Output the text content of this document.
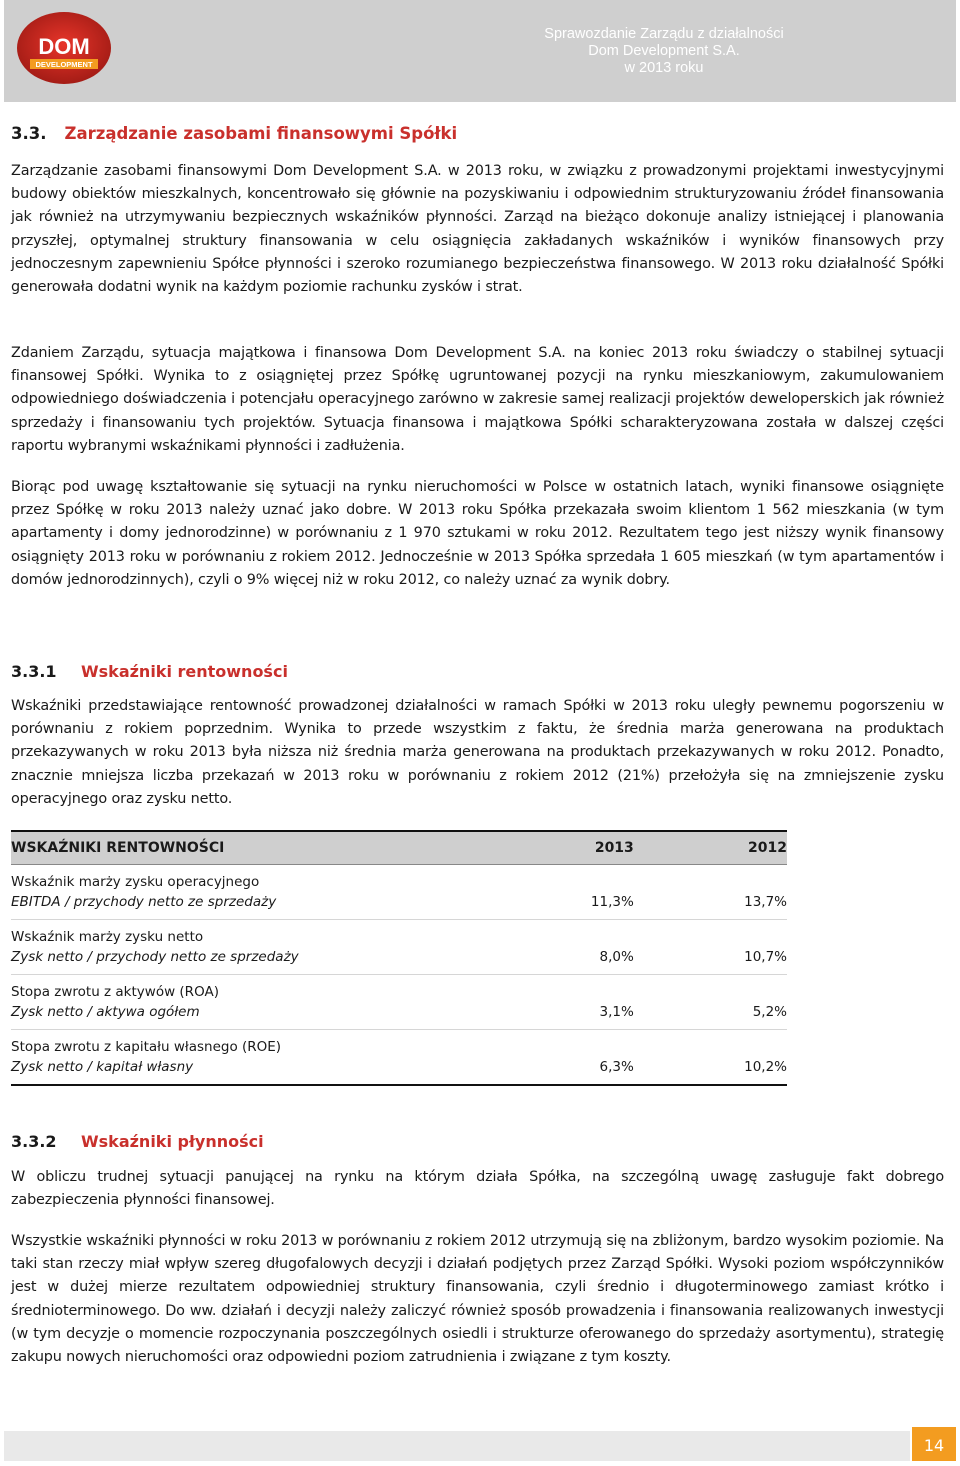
DOM
DEVELOPMENT
Sprawozdanie Zarządu z działalności
Dom Development S.A.
w 2013 roku
3.3. Zarządzanie zasobami finansowymi Spółki
Zarządzanie zasobami finansowymi Dom Development S.A. w 2013 roku, w związku z prowadzonymi projektami inwestycyjnymi budowy obiektów mieszkalnych, koncentrowało się głównie na pozyskiwaniu i odpowiednim strukturyzowaniu źródeł finansowania jak również na utrzymywaniu bezpiecznych wskaźników płynności. Zarząd na bieżąco dokonuje analizy istniejącej i planowania przyszłej, optymalnej struktury finansowania w celu osiągnięcia zakładanych wskaźników i wyników finansowych przy jednoczesnym zapewnieniu Spółce płynności i szeroko rozumianego bezpieczeństwa finansowego. W 2013 roku działalność Spółki generowała dodatni wynik na każdym poziomie rachunku zysków i strat.
Zdaniem Zarządu, sytuacja majątkowa i finansowa Dom Development S.A. na koniec 2013 roku świadczy o stabilnej sytuacji finansowej Spółki. Wynika to z osiągniętej przez Spółkę ugruntowanej pozycji na rynku mieszkaniowym, zakumulowaniem odpowiedniego doświadczenia i potencjału operacyjnego zarówno w zakresie samej realizacji projektów deweloperskich jak również sprzedaży i finansowaniu tych projektów. Sytuacja finansowa i majątkowa Spółki scharakteryzowana została w dalszej części raportu wybranymi wskaźnikami płynności i zadłużenia.
Biorąc pod uwagę kształtowanie się sytuacji na rynku nieruchomości w Polsce w ostatnich latach, wyniki finansowe osiągnięte przez Spółkę w roku 2013 należy uznać jako dobre. W 2013 roku Spółka przekazała swoim klientom 1 562 mieszkania (w tym apartamenty i domy jednorodzinne) w porównaniu z 1 970 sztukami w roku 2012. Rezultatem tego jest niższy wynik finansowy osiągnięty 2013 roku w porównaniu z rokiem 2012. Jednocześnie w 2013 Spółka sprzedała 1 605 mieszkań (w tym apartamentów i domów jednorodzinnych), czyli o 9% więcej niż w roku 2012, co należy uznać za wynik dobry.
3.3.1 Wskaźniki rentowności
Wskaźniki przedstawiające rentowność prowadzonej działalności w ramach Spółki w 2013 roku uległy pewnemu pogorszeniu w porównaniu z rokiem poprzednim. Wynika to przede wszystkim z faktu, że średnia marża generowana na produktach przekazywanych w roku 2013 była niższa niż średnia marża generowana na produktach przekazywanych w roku 2012. Ponadto, znacznie mniejsza liczba przekazań w 2013 roku w porównaniu z rokiem 2012 (21%) przełożyła się na zmniejszenie zysku operacyjnego oraz zysku netto.
WSKAŹNIKI RENTOWNOŚCI	2013	2012

Wskaźnik marży zysku operacyjnego
EBITDA / przychody netto ze sprzedaży	11,3%	13,7%

Wskaźnik marży zysku netto
Zysk netto / przychody netto ze sprzedaży	8,0%	10,7%

Stopa zwrotu z aktywów (ROA)
Zysk netto / aktywa ogółem	3,1%	5,2%

Stopa zwrotu z kapitału własnego (ROE)
Zysk netto / kapitał własny	6,3%	10,2%
3.3.2 Wskaźniki płynności
W obliczu trudnej sytuacji panującej na rynku na którym działa Spółka, na szczególną uwagę zasługuje fakt dobrego zabezpieczenia płynności finansowej.
Wszystkie wskaźniki płynności w roku 2013 w porównaniu z rokiem 2012 utrzymują się na zbliżonym, bardzo wysokim poziomie. Na taki stan rzeczy miał wpływ szereg długofalowych decyzji i działań podjętych przez Zarząd Spółki. Wysoki poziom współczynników jest w dużej mierze rezultatem odpowiedniej struktury finansowania, czyli średnio i długoterminowego zamiast krótko i średnioterminowego. Do ww. działań i decyzji należy zaliczyć również sposób prowadzenia i finansowania realizowanych inwestycji (w tym decyzje o momencie rozpoczynania poszczególnych osiedli i strukturze oferowanego do sprzedaży asortymentu), strategię zakupu nowych nieruchomości oraz odpowiedni poziom zatrudnienia i związane z tym koszty.
14
